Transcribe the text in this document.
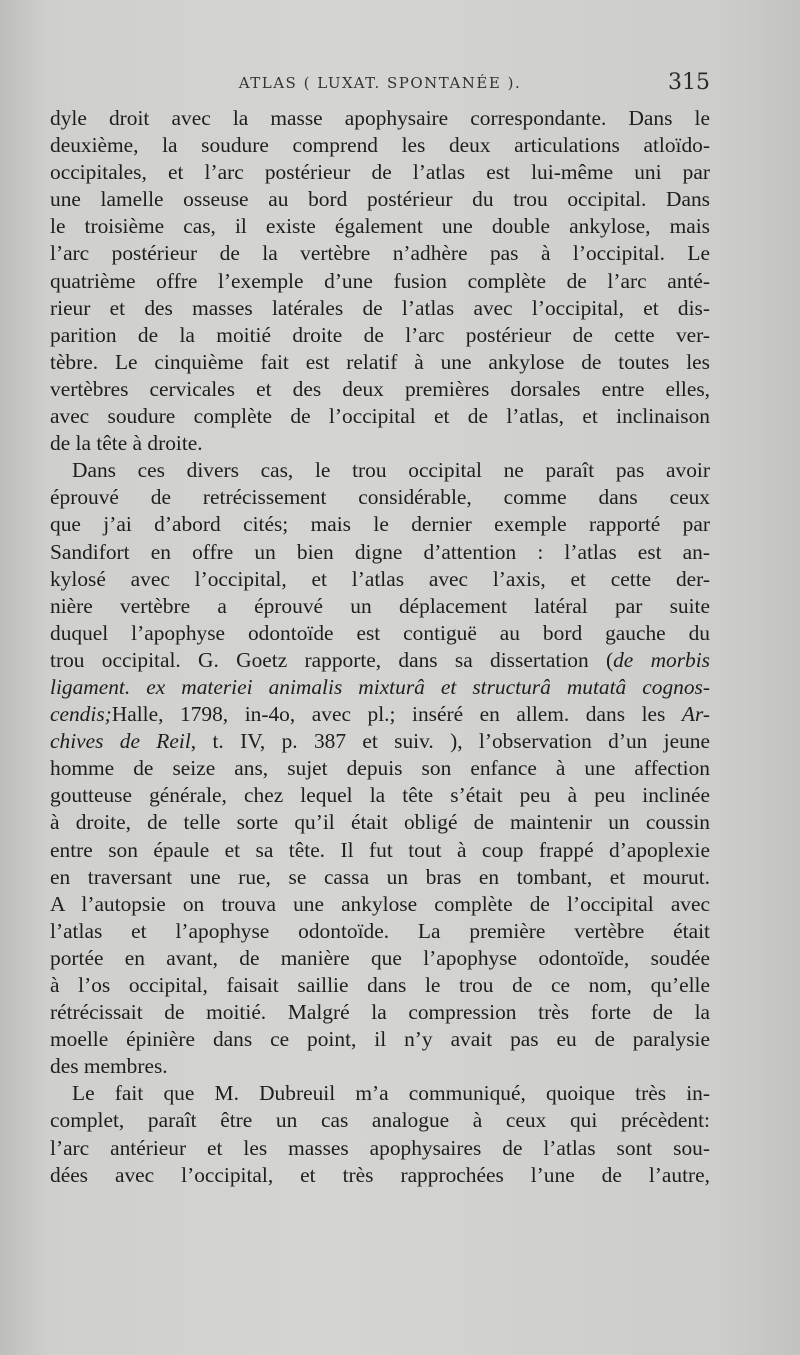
ATLAS ( LUXAT. SPONTANÉE ).	315
dyle droit avec la masse apophysaire correspondante. Dans le
deuxième, la soudure comprend les deux articulations atloïdo-
occipitales, et l’arc postérieur de l’atlas est lui-même uni par
une lamelle osseuse au bord postérieur du trou occipital. Dans
le troisième cas, il existe également une double ankylose, mais
l’arc postérieur de la vertèbre n’adhère pas à l’occipital. Le
quatrième offre l’exemple d’une fusion complète de l’arc anté-
rieur et des masses latérales de l’atlas avec l’occipital, et dis-
parition de la moitié droite de l’arc postérieur de cette ver-
tèbre. Le cinquième fait est relatif à une ankylose de toutes les
vertèbres cervicales et des deux premières dorsales entre elles,
avec soudure complète de l’occipital et de l’atlas, et inclinaison
de la tête à droite.
Dans ces divers cas, le trou occipital ne paraît pas avoir
éprouvé de retrécissement considérable, comme dans ceux
que j’ai d’abord cités; mais le dernier exemple rapporté par
Sandifort en offre un bien digne d’attention : l’atlas est an-
kylosé avec l’occipital, et l’atlas avec l’axis, et cette der-
nière vertèbre a éprouvé un déplacement latéral par suite
duquel l’apophyse odontoïde est contiguë au bord gauche du
trou occipital. G. Goetz rapporte, dans sa dissertation (de morbis
ligament. ex materiei animalis mixturâ et structurâ mutatâ cognos-
cendis;Halle, 1798, in-4o, avec pl.; inséré en allem. dans les Ar-
chives de Reil, t. IV, p. 387 et suiv. ), l’observation d’un jeune
homme de seize ans, sujet depuis son enfance à une affection
goutteuse générale, chez lequel la tête s’était peu à peu inclinée
à droite, de telle sorte qu’il était obligé de maintenir un coussin
entre son épaule et sa tête. Il fut tout à coup frappé d’apoplexie
en traversant une rue, se cassa un bras en tombant, et mourut.
A l’autopsie on trouva une ankylose complète de l’occipital avec
l’atlas et l’apophyse odontoïde. La première vertèbre était
portée en avant, de manière que l’apophyse odontoïde, soudée
à l’os occipital, faisait saillie dans le trou de ce nom, qu’elle
rétrécissait de moitié. Malgré la compression très forte de la
moelle épinière dans ce point, il n’y avait pas eu de paralysie
des membres.
Le fait que M. Dubreuil m’a communiqué, quoique très in-
complet, paraît être un cas analogue à ceux qui précèdent:
l’arc antérieur et les masses apophysaires de l’atlas sont sou-
dées avec l’occipital, et très rapprochées l’une de l’autre,
